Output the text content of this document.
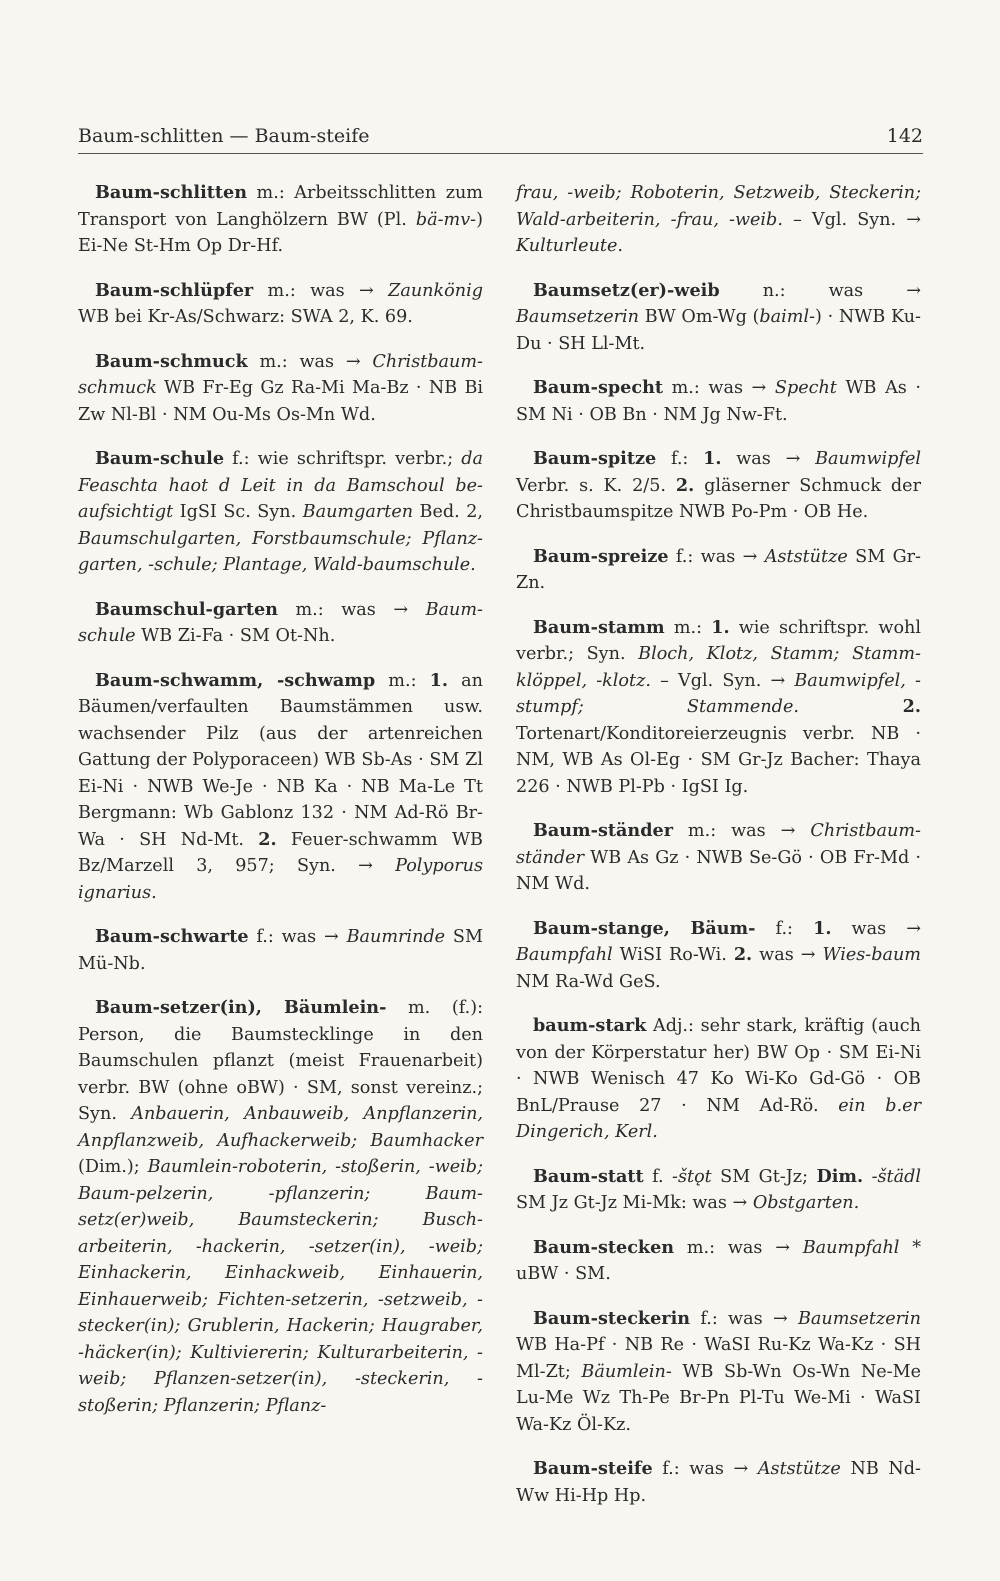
Baum-schlitten — Baum-steife	142

Baum-schlitten m.: Arbeitsschlitten zum Transport von Langhölzern BW (Pl. bä-mv-) Ei-Ne St-Hm Op Dr-Hf.

Baum-schlüpfer m.: was → Zaunkönig WB bei Kr-As/Schwarz: SWA 2, K. 69.

Baum-schmuck m.: was → Christbaum-schmuck WB Fr-Eg Gz Ra-Mi Ma-Bz · NB Bi Zw Nl-Bl · NM Ou-Ms Os-Mn Wd.

Baum-schule f.: wie schriftspr. verbr.; da Feaschta haot d Leit in da Bamschoul be-aufsichtigt IgSI Sc. Syn. Baumgarten Bed. 2, Baumschulgarten, Forstbaumschule; Pflanz-garten, -schule; Plantage, Wald-baumschule.

Baumschul-garten m.: was → Baum-schule WB Zi-Fa · SM Ot-Nh.

Baum-schwamm, -schwamp m.: 1. an Bäumen/verfaulten Baumstämmen usw. wachsender Pilz (aus der artenreichen Gattung der Polyporaceen) WB Sb-As · SM Zl Ei-Ni · NWB We-Je · NB Ka · NB Ma-Le Tt Bergmann: Wb Gablonz 132 · NM Ad-Rö Br-Wa · SH Nd-Mt. 2. Feuer-schwamm WB Bz/Marzell 3, 957; Syn. → Polyporus ignarius.

Baum-schwarte f.: was → Baumrinde SM Mü-Nb.

Baum-setzer(in), Bäumlein- m. (f.): Person, die Baumstecklinge in den Baumschulen pflanzt (meist Frauenarbeit) verbr. BW (ohne oBW) · SM, sonst vereinz.; Syn. Anbauerin, Anbauweib, Anpflanzerin, Anpflanzweib, Aufhackerweib; Baumhacker (Dim.); Baumlein-roboterin, -stoßerin, -weib; Baum-pelzerin, -pflanzerin; Baum-setz(er)weib, Baumsteckerin; Busch-arbeiterin, -hackerin, -setzer(in), -weib; Einhackerin, Einhackweib, Einhauerin, Einhauerweib; Fichten-setzerin, -setzweib, -stecker(in); Grublerin, Hackerin; Haugraber, -häcker(in); Kultiviererin; Kulturarbeiterin, -weib; Pflanzen-setzer(in), -steckerin, -stoßerin; Pflanzerin; Pflanz-

frau, -weib; Roboterin, Setzweib, Steckerin; Wald-arbeiterin, -frau, -weib. – Vgl. Syn. → Kulturleute.

Baumsetz(er)-weib n.: was → Baumsetzerin BW Om-Wg (baiml-) · NWB Ku-Du · SH Ll-Mt.

Baum-specht m.: was → Specht WB As · SM Ni · OB Bn · NM Jg Nw-Ft.

Baum-spitze f.: 1. was → Baumwipfel Verbr. s. K. 2/5. 2. gläserner Schmuck der Christbaumspitze NWB Po-Pm · OB He.

Baum-spreize f.: was → Aststütze SM Gr-Zn.

Baum-stamm m.: 1. wie schriftspr. wohl verbr.; Syn. Bloch, Klotz, Stamm; Stamm-klöppel, -klotz. – Vgl. Syn. → Baumwipfel, -stumpf; Stammende. 2. Tortenart/Konditoreierzeugnis verbr. NB · NM, WB As Ol-Eg · SM Gr-Jz Bacher: Thaya 226 · NWB Pl-Pb · IgSI Ig.

Baum-ständer m.: was → Christbaum-ständer WB As Gz · NWB Se-Gö · OB Fr-Md · NM Wd.

Baum-stange, Bäum- f.: 1. was → Baumpfahl WiSI Ro-Wi. 2. was → Wies-baum NM Ra-Wd GeS.

baum-stark Adj.: sehr stark, kräftig (auch von der Körperstatur her) BW Op · SM Ei-Ni · NWB Wenisch 47 Ko Wi-Ko Gd-Gö · OB BnL/Prause 27 · NM Ad-Rö. ein b.er Dingerich, Kerl.

Baum-statt f. -štǫt SM Gt-Jz; Dim. -štädl SM Jz Gt-Jz Mi-Mk: was → Obstgarten.

Baum-stecken m.: was → Baumpfahl * uBW · SM.

Baum-steckerin f.: was → Baumsetzerin WB Ha-Pf · NB Re · WaSI Ru-Kz Wa-Kz · SH Ml-Zt; Bäumlein- WB Sb-Wn Os-Wn Ne-Me Lu-Me Wz Th-Pe Br-Pn Pl-Tu We-Mi · WaSI Wa-Kz Öl-Kz.

Baum-steife f.: was → Aststütze NB Nd-Ww Hi-Hp Hp.
